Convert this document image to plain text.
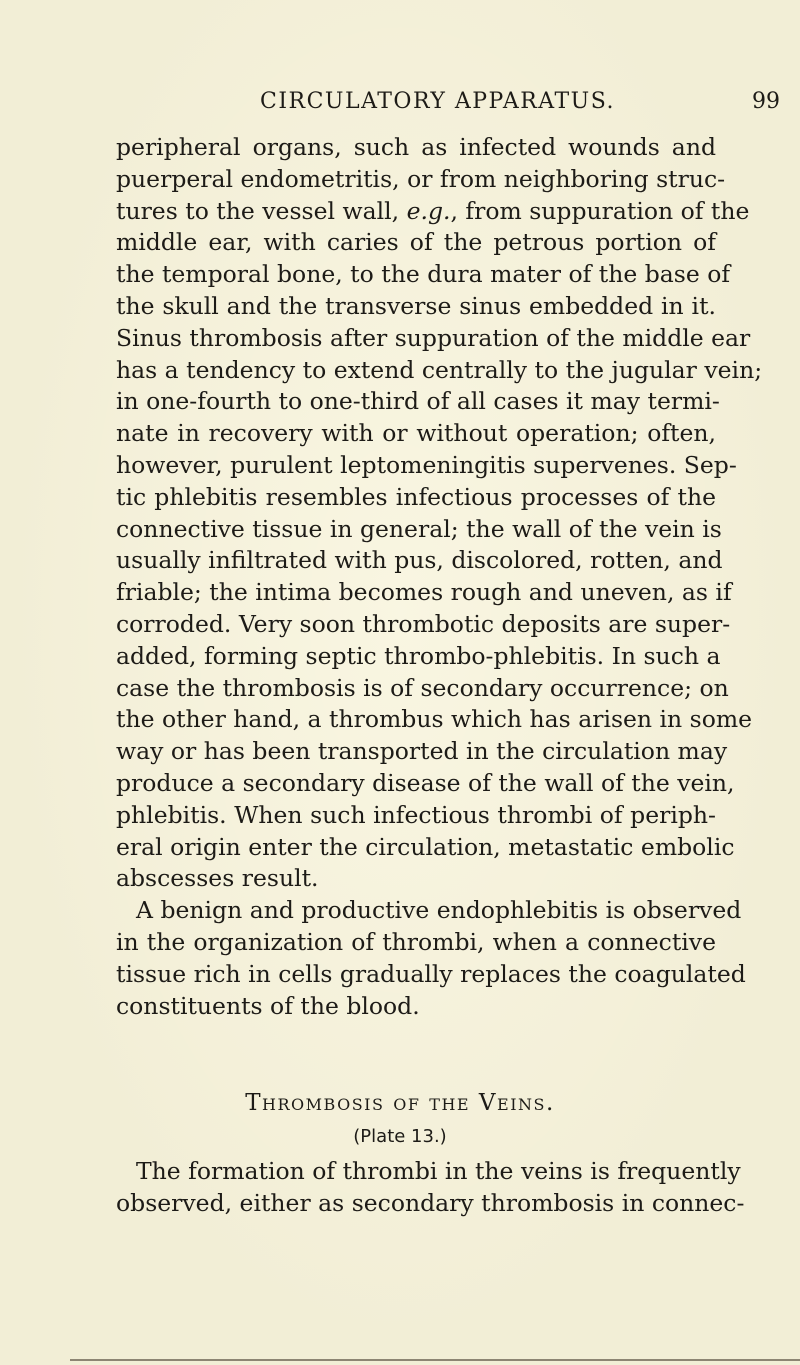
CIRCULATORY APPARATUS.	99
peripheral organs, such as infected wounds and
puerperal endometritis, or from neighboring struc-
tures to the vessel wall, e.g., from suppuration of the
middle ear, with caries of the petrous portion of
the temporal bone, to the dura mater of the base of
the skull and the transverse sinus embedded in it.
Sinus thrombosis after suppuration of the middle ear
has a tendency to extend centrally to the jugular vein;
in one-fourth to one-third of all cases it may termi-
nate in recovery with or without operation; often,
however, purulent leptomeningitis supervenes. Sep-
tic phlebitis resembles infectious processes of the
connective tissue in general; the wall of the vein is
usually infiltrated with pus, discolored, rotten, and
friable; the intima becomes rough and uneven, as if
corroded. Very soon thrombotic deposits are super-
added, forming septic thrombo-phlebitis. In such a
case the thrombosis is of secondary occurrence; on
the other hand, a thrombus which has arisen in some
way or has been transported in the circulation may
produce a secondary disease of the wall of the vein,
phlebitis. When such infectious thrombi of periph-
eral origin enter the circulation, metastatic embolic
abscesses result.
A benign and productive endophlebitis is observed
in the organization of thrombi, when a connective
tissue rich in cells gradually replaces the coagulated
constituents of the blood.
Thrombosis of the Veins.
(Plate 13.)
The formation of thrombi in the veins is frequently
observed, either as secondary thrombosis in connec-
